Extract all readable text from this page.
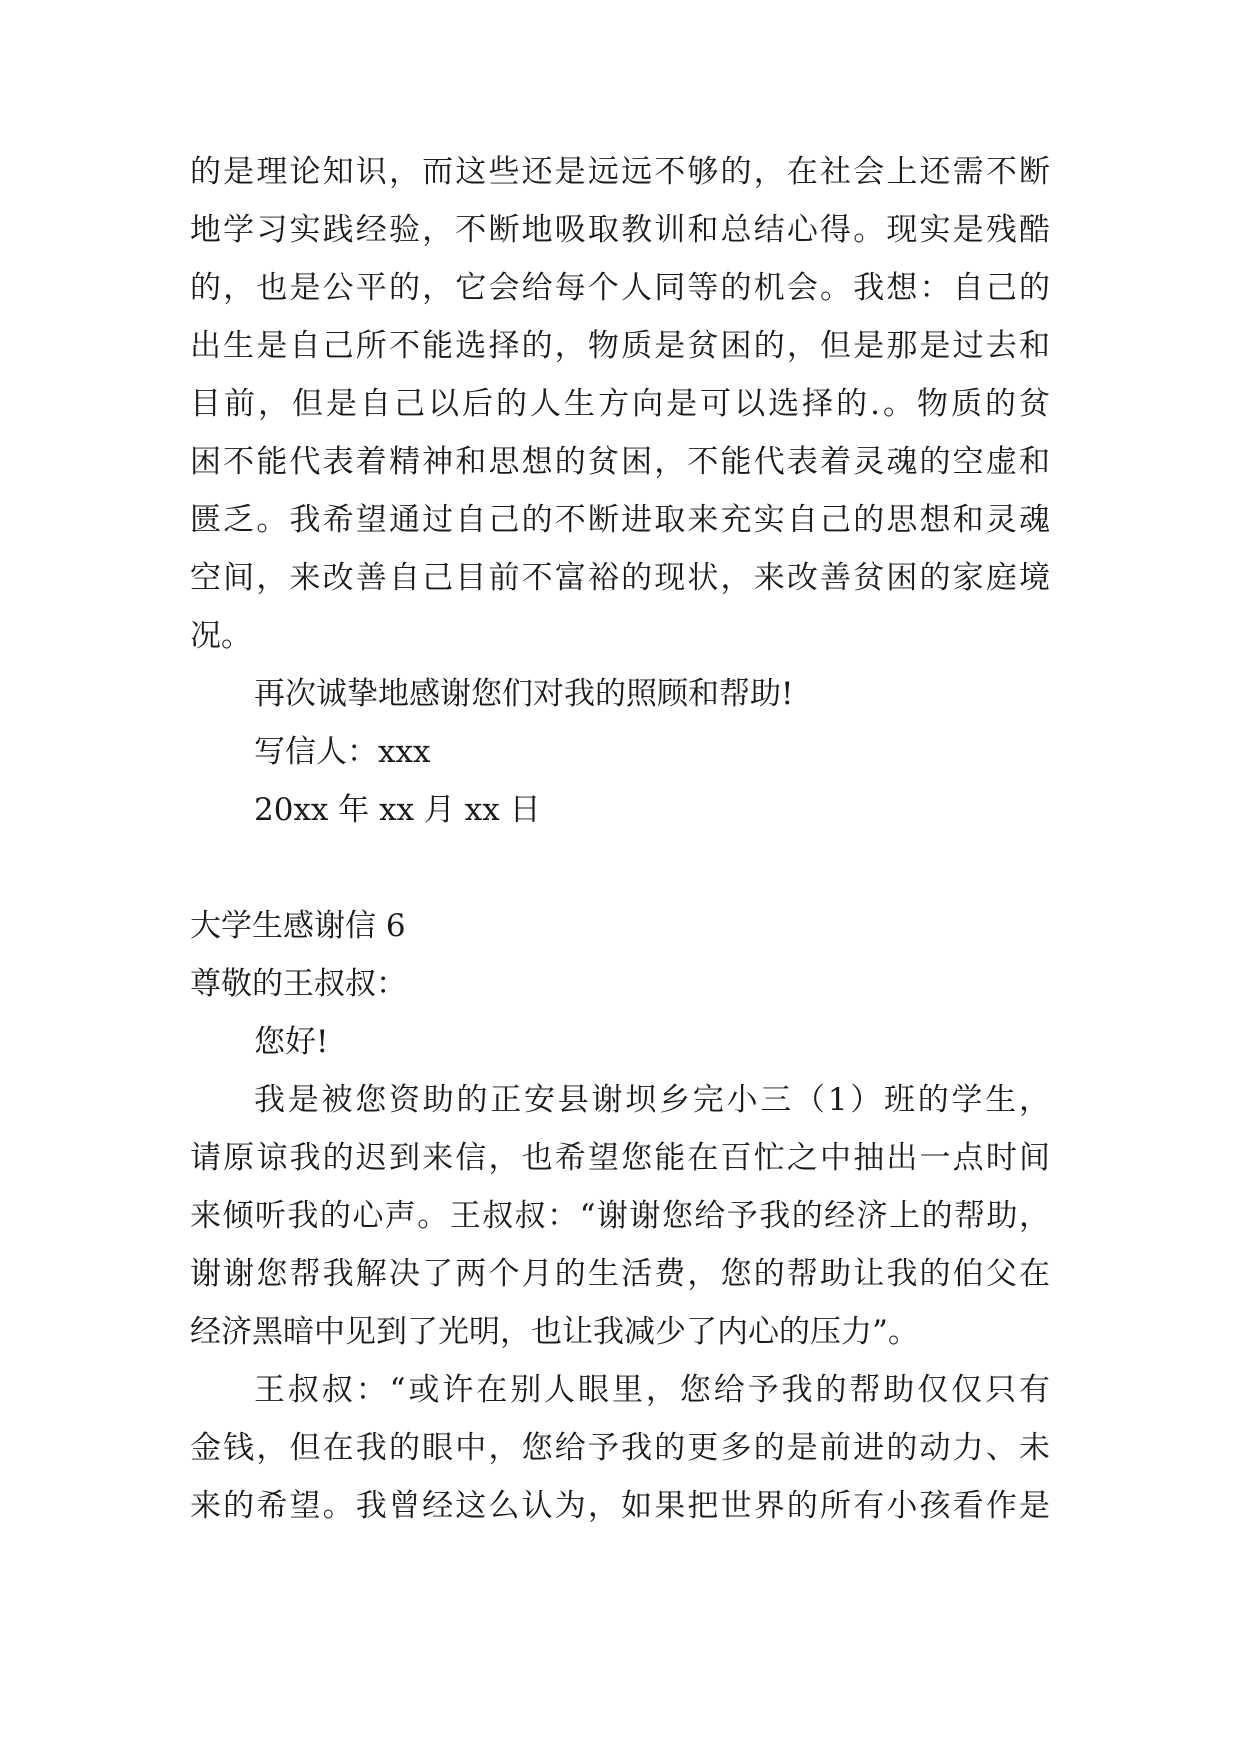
的是理论知识，而这些还是远远不够的，在社会上还需不断
地学习实践经验，不断地吸取教训和总结心得。现实是残酷
的，也是公平的，它会给每个人同等的机会。我想：自己的
出生是自己所不能选择的，物质是贫困的，但是那是过去和
目前，但是自己以后的人生方向是可以选择的.。物质的贫
困不能代表着精神和思想的贫困，不能代表着灵魂的空虚和
匮乏。我希望通过自己的不断进取来充实自己的思想和灵魂
空间，来改善自己目前不富裕的现状，来改善贫困的家庭境
况。
再次诚挚地感谢您们对我的照顾和帮助!
写信人：xxx
20xx 年 xx 月 xx 日
大学生感谢信 6
尊敬的王叔叔：
您好!
我是被您资助的正安县谢坝乡完小三（1）班的学生，
请原谅我的迟到来信，也希望您能在百忙之中抽出一点时间
来倾听我的心声。王叔叔：“谢谢您给予我的经济上的帮助，
谢谢您帮我解决了两个月的生活费，您的帮助让我的伯父在
经济黑暗中见到了光明，也让我减少了内心的压力”。
王叔叔：“或许在别人眼里，您给予我的帮助仅仅只有
金钱，但在我的眼中，您给予我的更多的是前进的动力、未
来的希望。我曾经这么认为，如果把世界的所有小孩看作是
